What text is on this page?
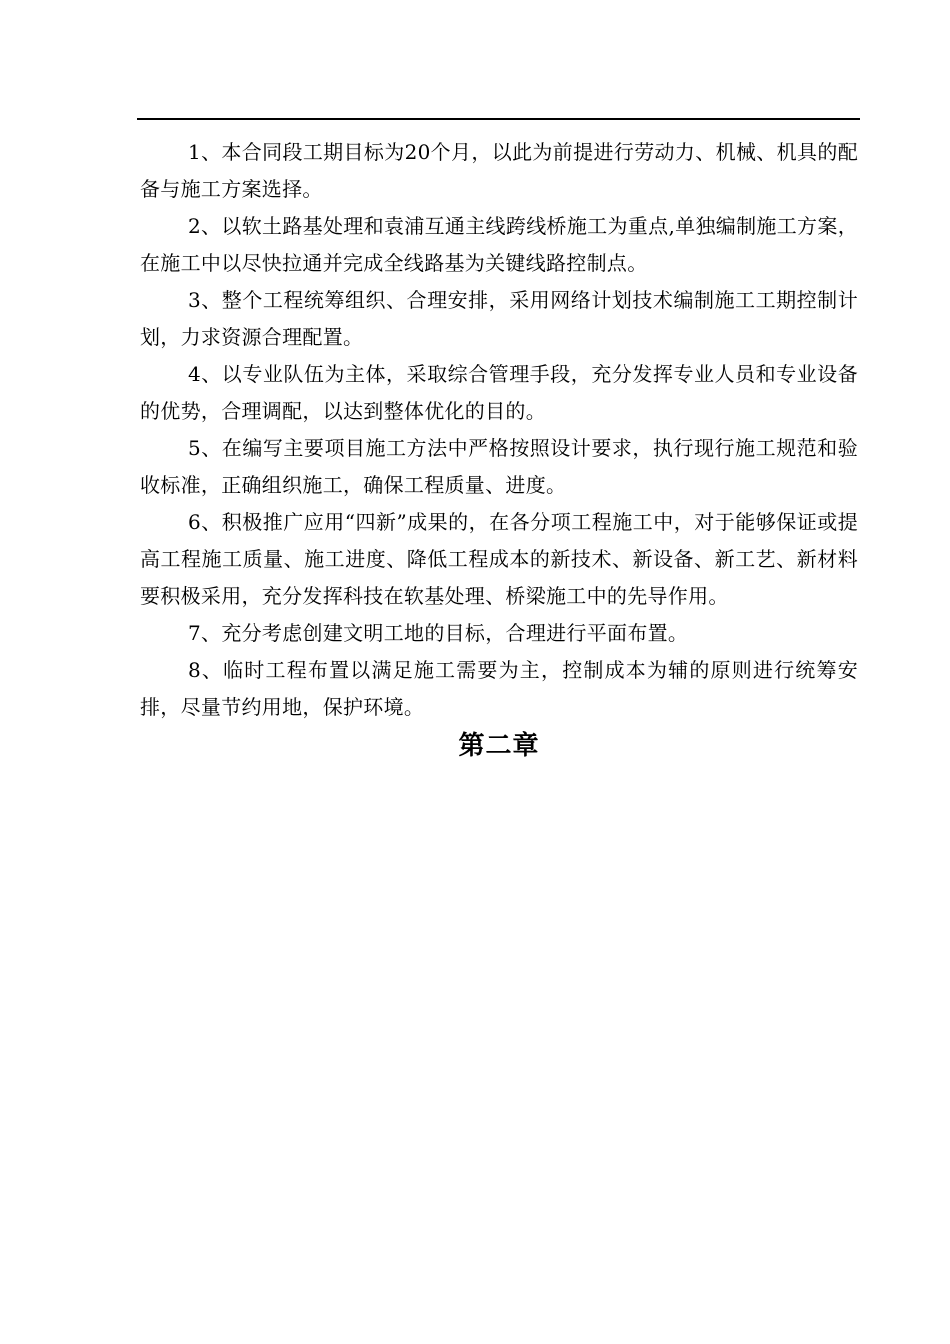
1、本合同段工期目标为20个月，以此为前提进行劳动力、机械、机具的配备与施工方案选择。

2、以软土路基处理和袁浦互通主线跨线桥施工为重点,单独编制施工方案，在施工中以尽快拉通并完成全线路基为关键线路控制点。

3、整个工程统筹组织、合理安排，采用网络计划技术编制施工工期控制计划，力求资源合理配置。

4、以专业队伍为主体，采取综合管理手段，充分发挥专业人员和专业设备的优势，合理调配，以达到整体优化的目的。

5、在编写主要项目施工方法中严格按照设计要求，执行现行施工规范和验收标准，正确组织施工，确保工程质量、进度。

6、积极推广应用“四新”成果的，在各分项工程施工中，对于能够保证或提高工程施工质量、施工进度、降低工程成本的新技术、新设备、新工艺、新材料要积极采用，充分发挥科技在软基处理、桥梁施工中的先导作用。

7、充分考虑创建文明工地的目标，合理进行平面布置。

8、临时工程布置以满足施工需要为主，控制成本为辅的原则进行统筹安排，尽量节约用地，保护环境。

第二章
